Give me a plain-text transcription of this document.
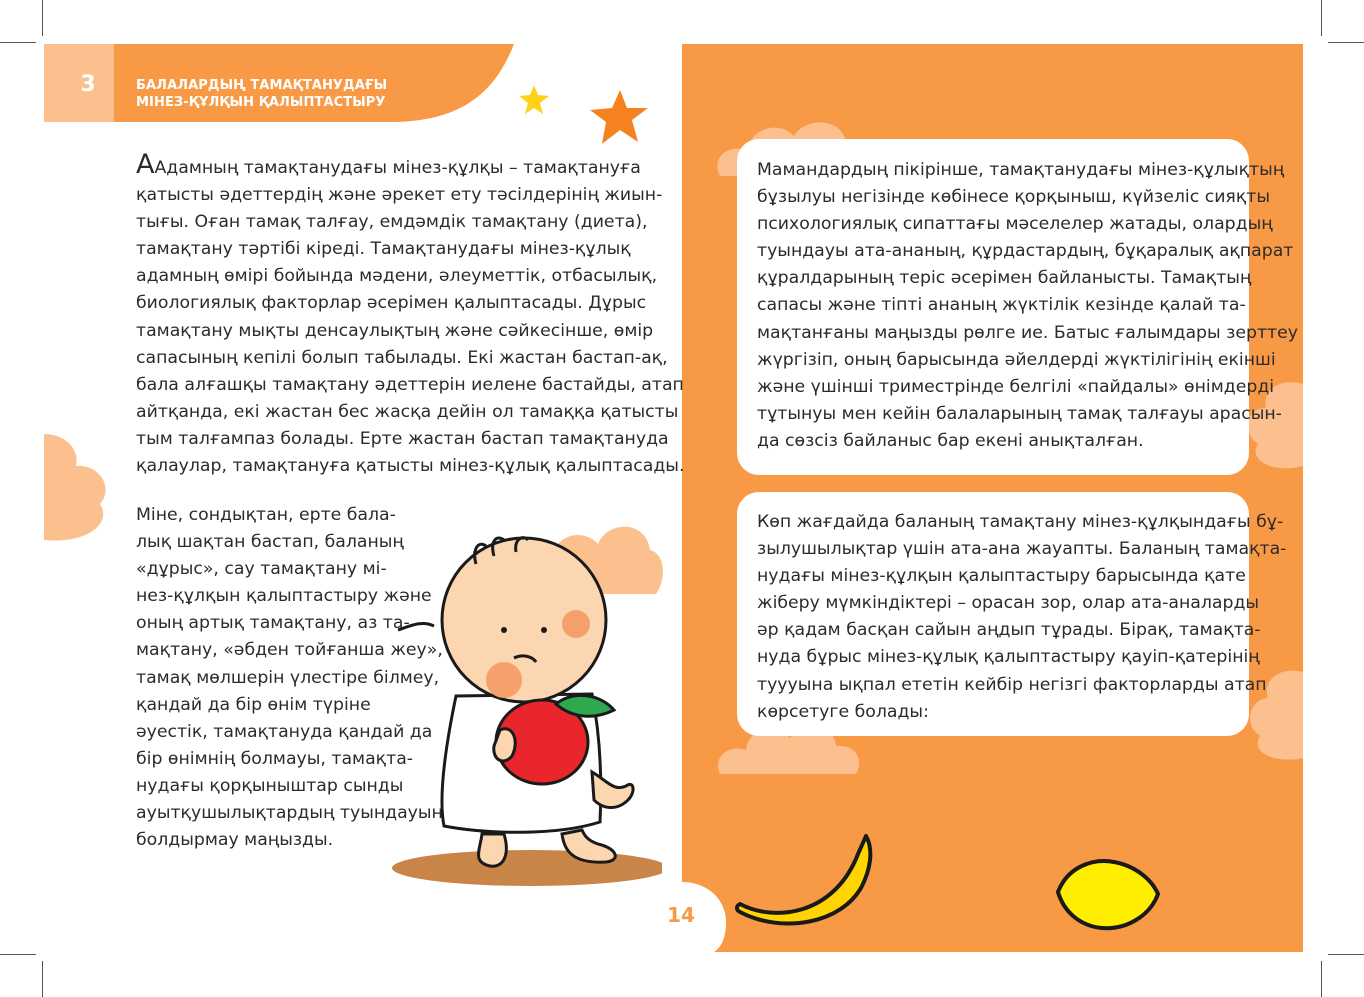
3	БАЛАЛАРДЫҢ ТАМАҚТАНУДАҒЫ
МІНЕЗ-ҚҰЛҚЫН ҚАЛЫПТАСТЫРУ
ААдамның тамақтанудағы мінез-құлқы – тамақтануға
қатысты әдеттердің және әрекет ету тәсілдерінің жиын-
тығы. Оған тамақ талғау, емдәмдік тамақтану (диета),
тамақтану тәртібі кіреді. Тамақтанудағы мінез-құлық
адамның өмірі бойында мәдени, әлеуметтік, отбасылық,
биологиялық факторлар әсерімен қалыптасады. Дұрыс
тамақтану мықты денсаулықтың және сәйкесінше, өмір
сапасының кепілі болып табылады. Екі жастан бастап-ақ,
бала алғашқы тамақтану әдеттерін иелене бастайды, атап
айтқанда, екі жастан бес жасқа дейін ол тамаққа қатысты
тым талғампаз болады. Ерте жастан бастап тамақтануда
қалаулар, тамақтануға қатысты мінез-құлық қалыптасады.
Міне, сондықтан, ерте бала-
лық шақтан бастап, баланың
«дұрыс», сау тамақтану мі-
нез-құлқын қалыптастыру және
оның артық тамақтану, аз та-
мақтану, «әбден тойғанша жеу»,
тамақ мөлшерін үлестіре білмеу,
қандай да бір өнім түріне
әуестік, тамақтануда қандай да
бір өнімнің болмауы, тамақта-
нудағы қорқыныштар сынды
ауытқушылықтардың туындауын
болдырмау маңызды.
Мамандардың пікірінше, тамақтанудағы мінез-құлықтың
бұзылуы негізінде көбінесе қорқыныш, күйзеліс сияқты
психологиялық сипаттағы мәселелер жатады, олардың
туындауы ата-ананың, құрдастардың, бұқаралық ақпарат
құралдарының теріс әсерімен байланысты. Тамақтың
сапасы және тіпті ананың жүктілік кезінде қалай та-
мақтанғаны маңызды рөлге ие. Батыс ғалымдары зерттеу
жүргізіп, оның барысында әйелдерді жүктілігінің екінші
және үшінші триместрінде белгілі «пайдалы» өнімдерді
тұтынуы мен кейін балаларының тамақ талғауы арасын-
да сөзсіз байланыс бар екені анықталған.
Көп жағдайда баланың тамақтану мінез-құлқындағы бұ-
зылушылықтар үшін ата-ана жауапты. Баланың тамақта-
нудағы мінез-құлқын қалыптастыру барысында қате
жіберу мүмкіндіктері – орасан зор, олар ата-аналарды
әр қадам басқан сайын аңдып тұрады. Бірақ, тамақта-
нуда бұрыс мінез-құлық қалыптастыру қауіп-қатерінің
туууына ықпал ететін кейбір негізгі факторларды атап
көрсетуге болады:
14
